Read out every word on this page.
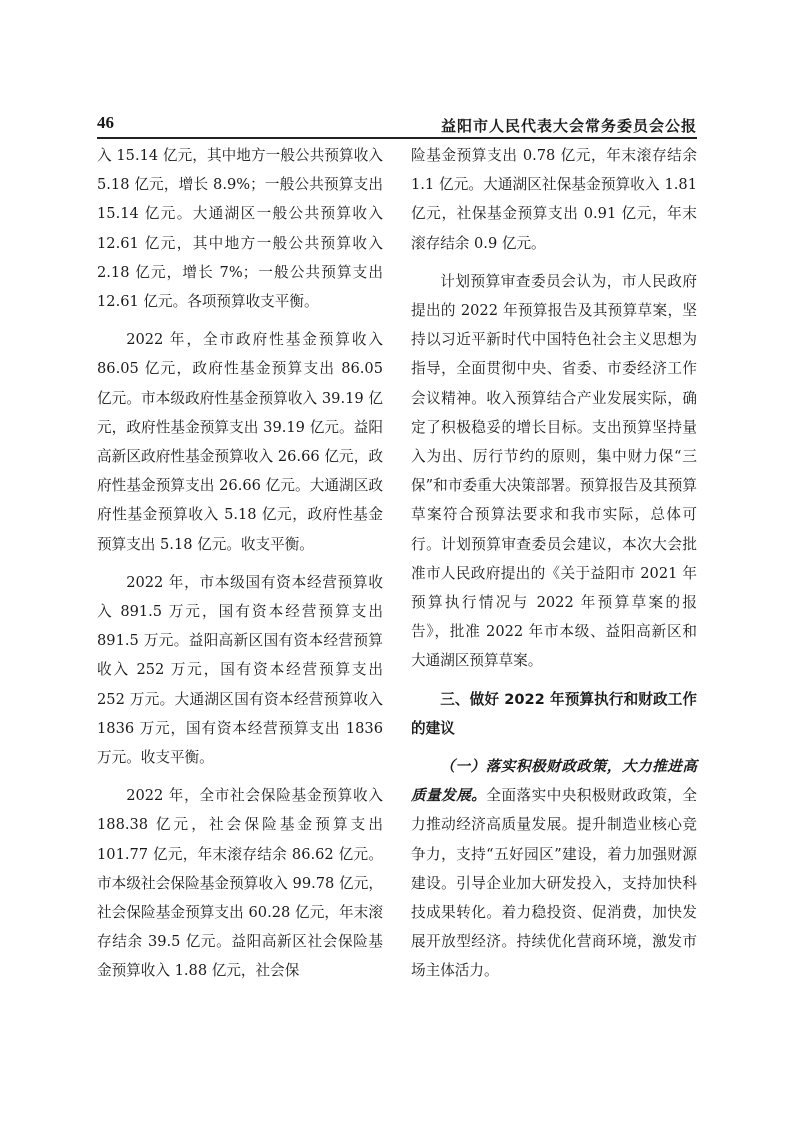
46	益阳市人民代表大会常务委员会公报

入 15.14 亿元，其中地方一般公共预算收入 5.18 亿元，增长 8.9%；一般公共预算支出 15.14 亿元。大通湖区一般公共预算收入 12.61 亿元，其中地方一般公共预算收入 2.18 亿元，增长 7%；一般公共预算支出 12.61 亿元。各项预算收支平衡。

2022 年，全市政府性基金预算收入 86.05 亿元，政府性基金预算支出 86.05 亿元。市本级政府性基金预算收入 39.19 亿元，政府性基金预算支出 39.19 亿元。益阳高新区政府性基金预算收入 26.66 亿元，政府性基金预算支出 26.66 亿元。大通湖区政府性基金预算收入 5.18 亿元，政府性基金预算支出 5.18 亿元。收支平衡。

2022 年，市本级国有资本经营预算收入 891.5 万元，国有资本经营预算支出 891.5 万元。益阳高新区国有资本经营预算收入 252 万元，国有资本经营预算支出 252 万元。大通湖区国有资本经营预算收入 1836 万元，国有资本经营预算支出 1836 万元。收支平衡。

2022 年，全市社会保险基金预算收入 188.38 亿元，社会保险基金预算支出 101.77 亿元，年末滚存结余 86.62 亿元。市本级社会保险基金预算收入 99.78 亿元，社会保险基金预算支出 60.28 亿元，年末滚存结余 39.5 亿元。益阳高新区社会保险基金预算收入 1.88 亿元，社会保

险基金预算支出 0.78 亿元，年末滚存结余 1.1 亿元。大通湖区社保基金预算收入 1.81 亿元，社保基金预算支出 0.91 亿元，年末滚存结余 0.9 亿元。

计划预算审查委员会认为，市人民政府提出的 2022 年预算报告及其预算草案，坚持以习近平新时代中国特色社会主义思想为指导，全面贯彻中央、省委、市委经济工作会议精神。收入预算结合产业发展实际，确定了积极稳妥的增长目标。支出预算坚持量入为出、厉行节约的原则，集中财力保“三保”和市委重大决策部署。预算报告及其预算草案符合预算法要求和我市实际，总体可行。计划预算审查委员会建议，本次大会批准市人民政府提出的《关于益阳市 2021 年预算执行情况与 2022 年预算草案的报告》，批准 2022 年市本级、益阳高新区和大通湖区预算草案。

三、做好 2022 年预算执行和财政工作的建议

（一）落实积极财政政策，大力推进高质量发展。全面落实中央积极财政政策，全力推动经济高质量发展。提升制造业核心竞争力，支持“五好园区”建设，着力加强财源建设。引导企业加大研发投入，支持加快科技成果转化。着力稳投资、促消费，加快发展开放型经济。持续优化营商环境，激发市场主体活力。
